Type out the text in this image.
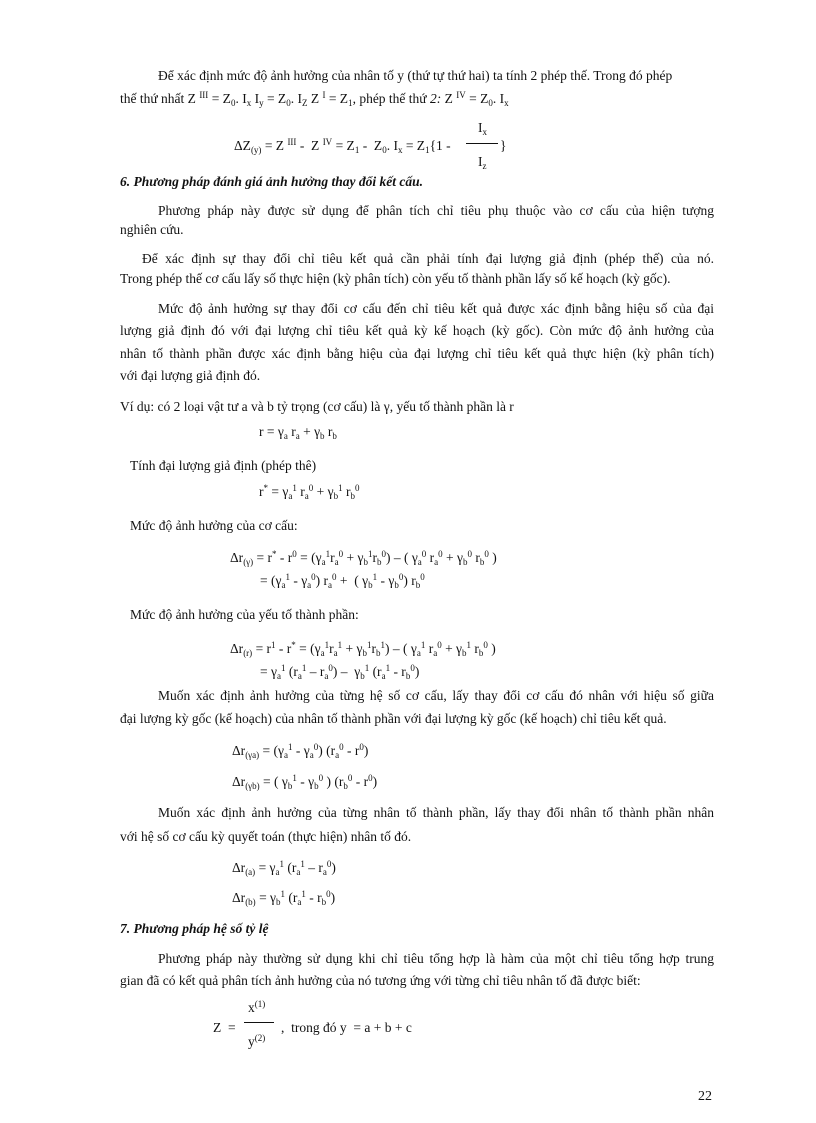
Để xác định mức độ ảnh hưởng của nhân tố y (thứ tự thứ hai) ta tính 2 phép thế. Trong đó phép
thế thứ nhất Z $^{III} = Z_0$. $I_x$ $I_y = Z_0$. $I_Z$ Z $^I = Z_1$, phép thế thứ 2: Z $^{IV} = Z_0$. $I_x$
$\Delta Z_{(y)} = Z$ $^{III}$ -  Z $^{IV} = Z_1 - Z_0$. $I_x = Z_1\{1$ -
$I_x$
$I_z$
}
6. Phương pháp đánh giá ảnh hưởng thay đổi kết cấu.
Phương pháp này được sử dụng để phân tích chỉ tiêu phụ thuộc vào cơ cấu của hiện tượng
nghiên cứu.
Để xác định sự thay đổi chỉ tiêu kết quả cần phải tính đại lượng giả định (phép thế) của nó.
Trong phép thế cơ cấu lấy số thực hiện (kỳ phân tích) còn yếu tố thành phần lấy số kế hoạch (kỳ gốc).
Mức độ ảnh hưởng sự thay đổi cơ cấu đến chỉ tiêu kết quả được xác định bằng hiệu số của đại
lượng giả định đó với đại lượng chỉ tiêu kết quả kỳ kế hoạch (kỳ gốc). Còn mức độ ảnh hưởng của
nhân tố thành phần được xác định bằng hiệu của đại lượng chỉ tiêu kết quả thực hiện (kỳ phân tích)
với đại lượng giả định đó.
Ví dụ: có 2 loại vật tư a và b tỷ trọng (cơ cấu) là γ, yếu tố thành phần là r
$r = \gamma_a$ $r_a + \gamma_b$ $r_b$
Tính đại lượng giả định (phép thê)
$r^* = \gamma_a^1$ $r_a^0 + \gamma_b^1$ $r_b^0$
Mức độ ảnh hưởng của cơ cấu:
$\Delta r_{(\gamma)} = r^* - r^0 = (\gamma_a^1r_a^0 + \gamma_b^1r_b^0)$ – ( $\gamma_a^0$ $r_a^0 + \gamma_b^0$ $r_b^0$ )
= $(\gamma_a^1 - \gamma_a^0) r_a^0$ +  ( $\gamma_b^1 - \gamma_b^0$) $r_b^0$
Mức độ ảnh hưởng của yếu tố thành phần:
$\Delta r_{(r)} = r^1 - r^* = (\gamma_a^1r_a^1 + \gamma_b^1r_b^1)$ – ( $\gamma_a^1$ $r_a^0 + \gamma_b^1$ $r_b^0$ )
= $\gamma_a^1$ $(r_a^1 - r_a^0) - \gamma_b^1$ $(r_a^1 - r_b^0)$
Muốn xác định ảnh hưởng của từng hệ số cơ cấu, lấy thay đổi cơ cấu đó nhân với hiệu số giữa
đại lượng kỳ gốc (kế hoạch) của nhân tố thành phần với đại lượng kỳ gốc (kế hoạch) chỉ tiêu kết quả.
$\Delta r_{(\gamma a)} = (\gamma_a^1 - \gamma_a^0)$ $(r_a^0 - r^0)$
$\Delta r_{(\gamma b)}$ = ( $\gamma_b^1 - \gamma_b^0$ ) $(r_b^0 - r^0)$
Muốn xác định ảnh hưởng của từng nhân tố thành phần, lấy thay đổi nhân tố thành phần nhân
với hệ số cơ cấu kỳ quyết toán (thực hiện) nhân tố đó.
$\Delta r_{(a)} = \gamma_a^1$ $(r_a^1 - r_a^0)$
$\Delta r_{(b)} = \gamma_b^1$ $(r_a^1 - r_b^0)$
7. Phương pháp hệ số tỷ lệ
Phương pháp này thường sử dụng khi chỉ tiêu tổng hợp là hàm của một chỉ tiêu tổng hợp trung
gian đã có kết quả phân tích ảnh hưởng của nó tương ứng với từng chỉ tiêu nhân tố đã được biết:
Z  =
$x^{(1)}$
$y^{(2)}$
,  trong đó y  = a + b + c
22
